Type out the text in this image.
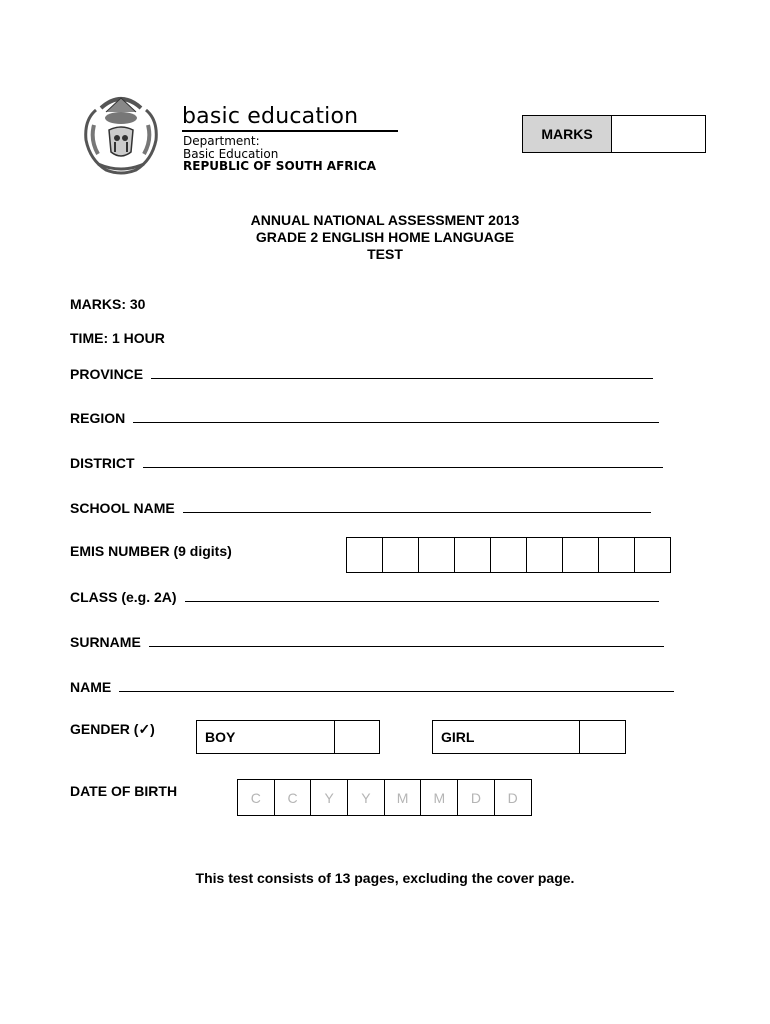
basic education
Department:
Basic Education
REPUBLIC OF SOUTH AFRICA
MARKS
ANNUAL NATIONAL ASSESSMENT 2013
GRADE 2 ENGLISH HOME LANGUAGE
TEST
MARKS: 30
TIME: 1 HOUR
PROVINCE
REGION
DISTRICT
SCHOOL NAME
EMIS NUMBER (9 digits)
CLASS (e.g. 2A)
SURNAME
NAME
GENDER (✓)	BOY	GIRL
DATE OF BIRTH	C	C	Y	Y	M	M	D	D
This test consists of 13 pages, excluding the cover page.
